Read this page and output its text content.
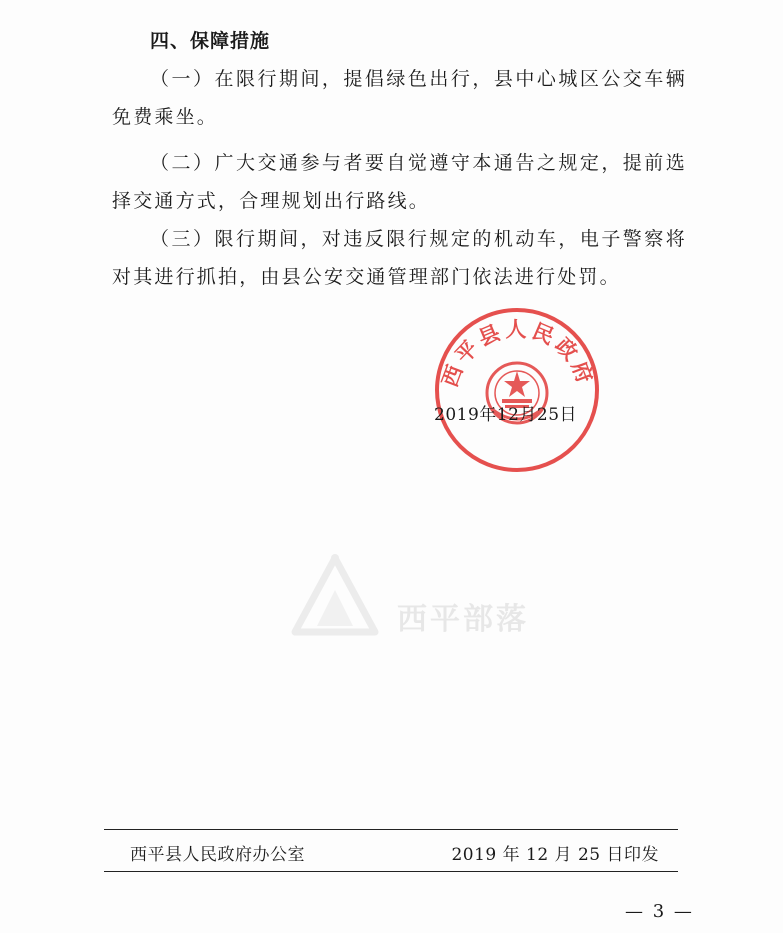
四、保障措施
（一）在限行期间，提倡绿色出行，县中心城区公交车辆免费乘坐。
（二）广大交通参与者要自觉遵守本通告之规定，提前选择交通方式，合理规划出行路线。
（三）限行期间，对违反限行规定的机动车，电子警察将对其进行抓拍，由县公安交通管理部门依法进行处罚。
西平县人民政府
2019年12月25日
西平部落
西平县人民政府办公室	2019 年 12 月 25 日印发
— 3 —
